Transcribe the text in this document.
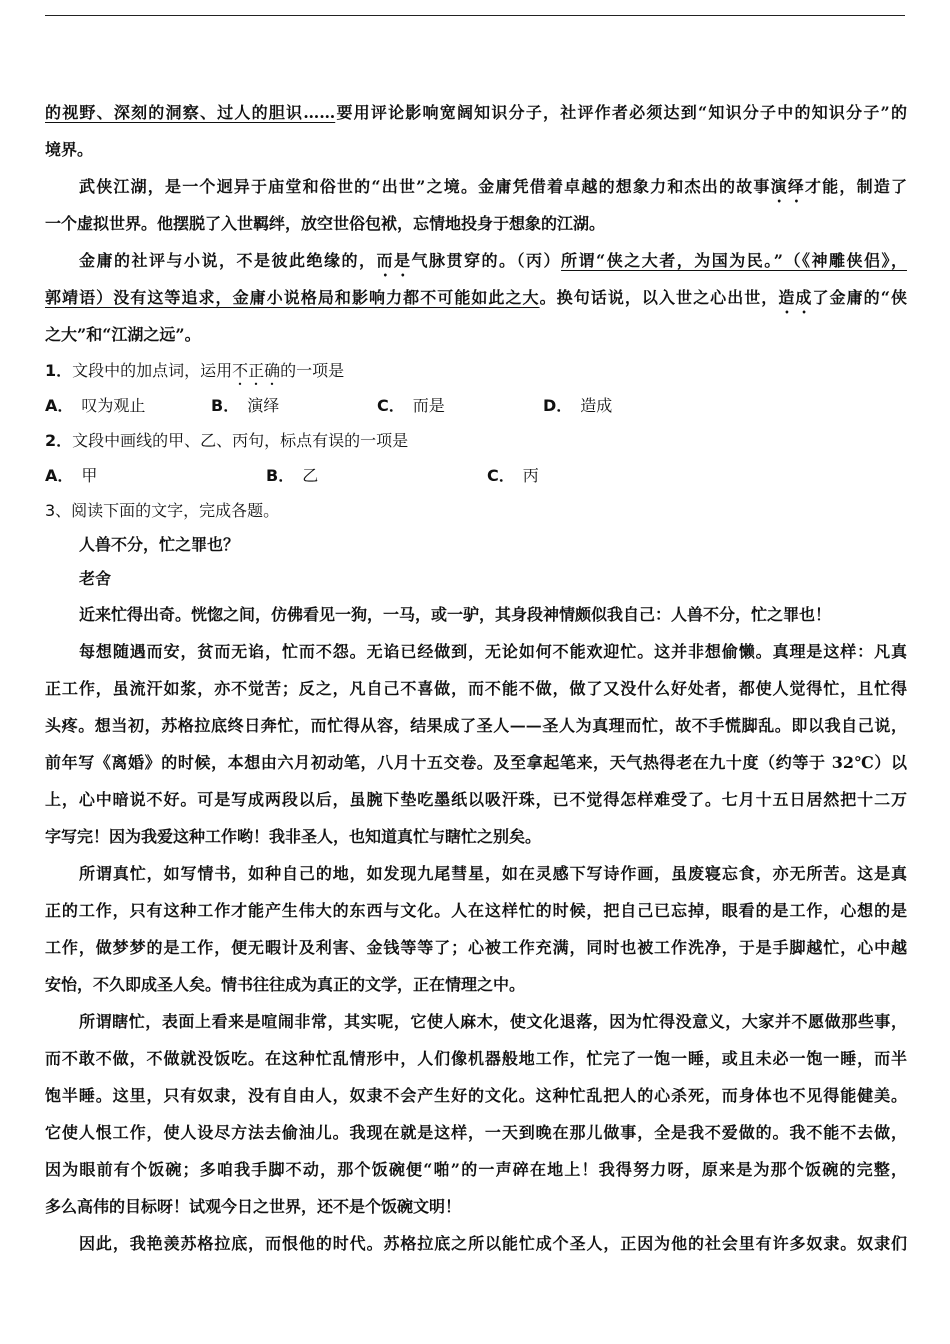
的视野、深刻的洞察、过人的胆识……要用评论影响宽阔知识分子，社评作者必须达到“知识分子中的知识分子”的
境界。
武侠江湖，是一个迥异于庙堂和俗世的“出世”之境。金庸凭借着卓越的想象力和杰出的故事演绎才能，制造了
一个虚拟世界。他摆脱了入世羁绊，放空世俗包袱，忘情地投身于想象的江湖。
金庸的社评与小说，不是彼此绝缘的，而是气脉贯穿的。（丙）所谓“侠之大者，为国为民。”（《神雕侠侣》，
郭靖语）没有这等追求，金庸小说格局和影响力都不可能如此之大。换句话说，以入世之心出世，造成了金庸的“侠
之大”和“江湖之远”。
1．文段中的加点词，运用不正确的一项是
A． 叹为观止	B． 演绎	C． 而是	D． 造成
2．文段中画线的甲、乙、丙句，标点有误的一项是
A． 甲	B． 乙	C． 丙
3、阅读下面的文字，完成各题。
人兽不分，忙之罪也？
老舍
近来忙得出奇。恍惚之间，仿佛看见一狗，一马，或一驴，其身段神情颇似我自己：人兽不分，忙之罪也！
每想随遇而安，贫而无谄，忙而不怨。无谄已经做到，无论如何不能欢迎忙。这并非想偷懒。真理是这样：凡真
正工作，虽流汗如浆，亦不觉苦；反之，凡自己不喜做，而不能不做，做了又没什么好处者，都使人觉得忙，且忙得
头疼。想当初，苏格拉底终日奔忙，而忙得从容，结果成了圣人——圣人为真理而忙，故不手慌脚乱。即以我自己说，
前年写《离婚》的时候，本想由六月初动笔，八月十五交卷。及至拿起笔来，天气热得老在九十度（约等于 32℃）以
上，心中暗说不好。可是写成两段以后，虽腕下垫吃墨纸以吸汗珠，已不觉得怎样难受了。七月十五日居然把十二万
字写完！因为我爱这种工作哟！我非圣人，也知道真忙与瞎忙之别矣。
所谓真忙，如写情书，如种自己的地，如发现九尾彗星，如在灵感下写诗作画，虽废寝忘食，亦无所苦。这是真
正的工作，只有这种工作才能产生伟大的东西与文化。人在这样忙的时候，把自己已忘掉，眼看的是工作，心想的是
工作，做梦梦的是工作，便无暇计及利害、金钱等等了；心被工作充满，同时也被工作洗净，于是手脚越忙，心中越
安怡，不久即成圣人矣。情书往往成为真正的文学，正在情理之中。
所谓瞎忙，表面上看来是喧闹非常，其实呢，它使人麻木，使文化退落，因为忙得没意义，大家并不愿做那些事，
而不敢不做，不做就没饭吃。在这种忙乱情形中，人们像机器般地工作，忙完了一饱一睡，或且未必一饱一睡，而半
饱半睡。这里，只有奴隶，没有自由人，奴隶不会产生好的文化。这种忙乱把人的心杀死，而身体也不见得能健美。
它使人恨工作，使人设尽方法去偷油儿。我现在就是这样，一天到晚在那儿做事，全是我不爱做的。我不能不去做，
因为眼前有个饭碗；多咱我手脚不动，那个饭碗便“啪”的一声碎在地上！我得努力呀，原来是为那个饭碗的完整，
多么高伟的目标呀！试观今日之世界，还不是个饭碗文明！
因此，我艳羡苏格拉底，而恨他的时代。苏格拉底之所以能忙成个圣人，正因为他的社会里有许多奴隶。奴隶们
